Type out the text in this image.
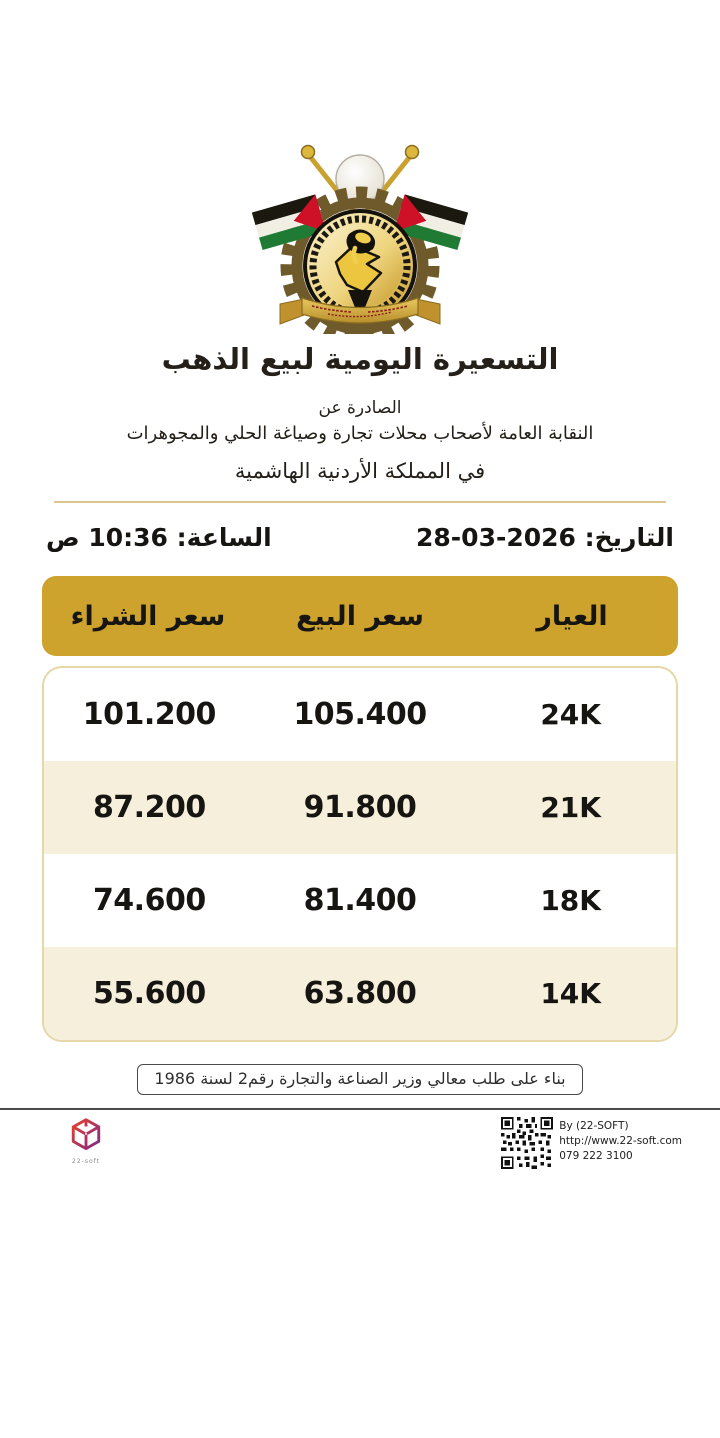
التسعيرة اليومية لبيع الذهب
الصادرة عن
النقابة العامة لأصحاب محلات تجارة وصياغة الحلي والمجوهرات
في المملكة الأردنية الهاشمية
التاريخ: 28-03-2026
الساعة: 10:36 ص
العيار
سعر البيع
سعر الشراء
24K
105.400
101.200
21K
91.800
87.200
18K
81.400
74.600
14K
63.800
55.600
بناء على طلب معالي وزير الصناعة والتجارة رقم2 لسنة 1986
22-soft
By (22-SOFT)
http://www.22-soft.com
079 222 3100
